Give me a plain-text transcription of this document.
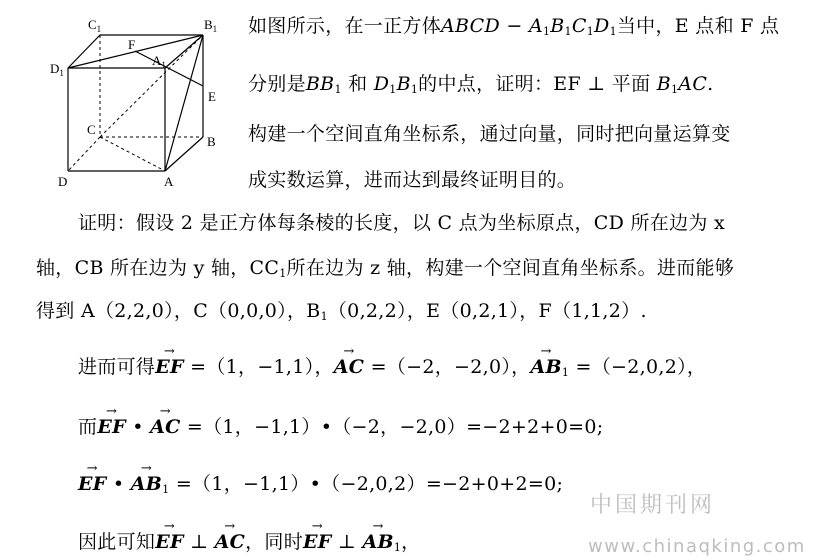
$C_1$	$B_1$
$D_1$
$A_1$
F
E
C
B
D	A
如图所示，在一正方体ABCD − $A_1B_1C_1D_1$当中，E 点和 F 点
分别是$BB_1$ 和 $D_1B_1$的中点，证明：EF ⊥ 平面 $B_1AC$.
构建一个空间直角坐标系，通过向量，同时把向量运算变
成实数运算，进而达到最终证明目的。
证明：假设 2 是正方体每条棱的长度，以 C 点为坐标原点，CD 所在边为 x
轴，CB 所在边为 y 轴，$CC_1$所在边为 z 轴，构建一个空间直角坐标系。进而能够
得到 A（2,2,0），C（0,0,0），$B_1(0,2,2)$，E（0,2,1），F（1,1,2）.
进而可得→ EF =（1，−1,1），→ AC =（−2，−2,0），→ $AB_1 =(-2,0,2)$，
而→ EF • → AC =（1，−1,1）•（−2，−2,0）=−2+2+0=0;
→ EF • → $AB_1 =(1$，−1,1）•（−2,0,2）=−2+0+2=0;
因此可知→ EF ⊥ → AC，同时→ EF ⊥ → $AB_1$，
中国期刊网
www.chinaqking.com
